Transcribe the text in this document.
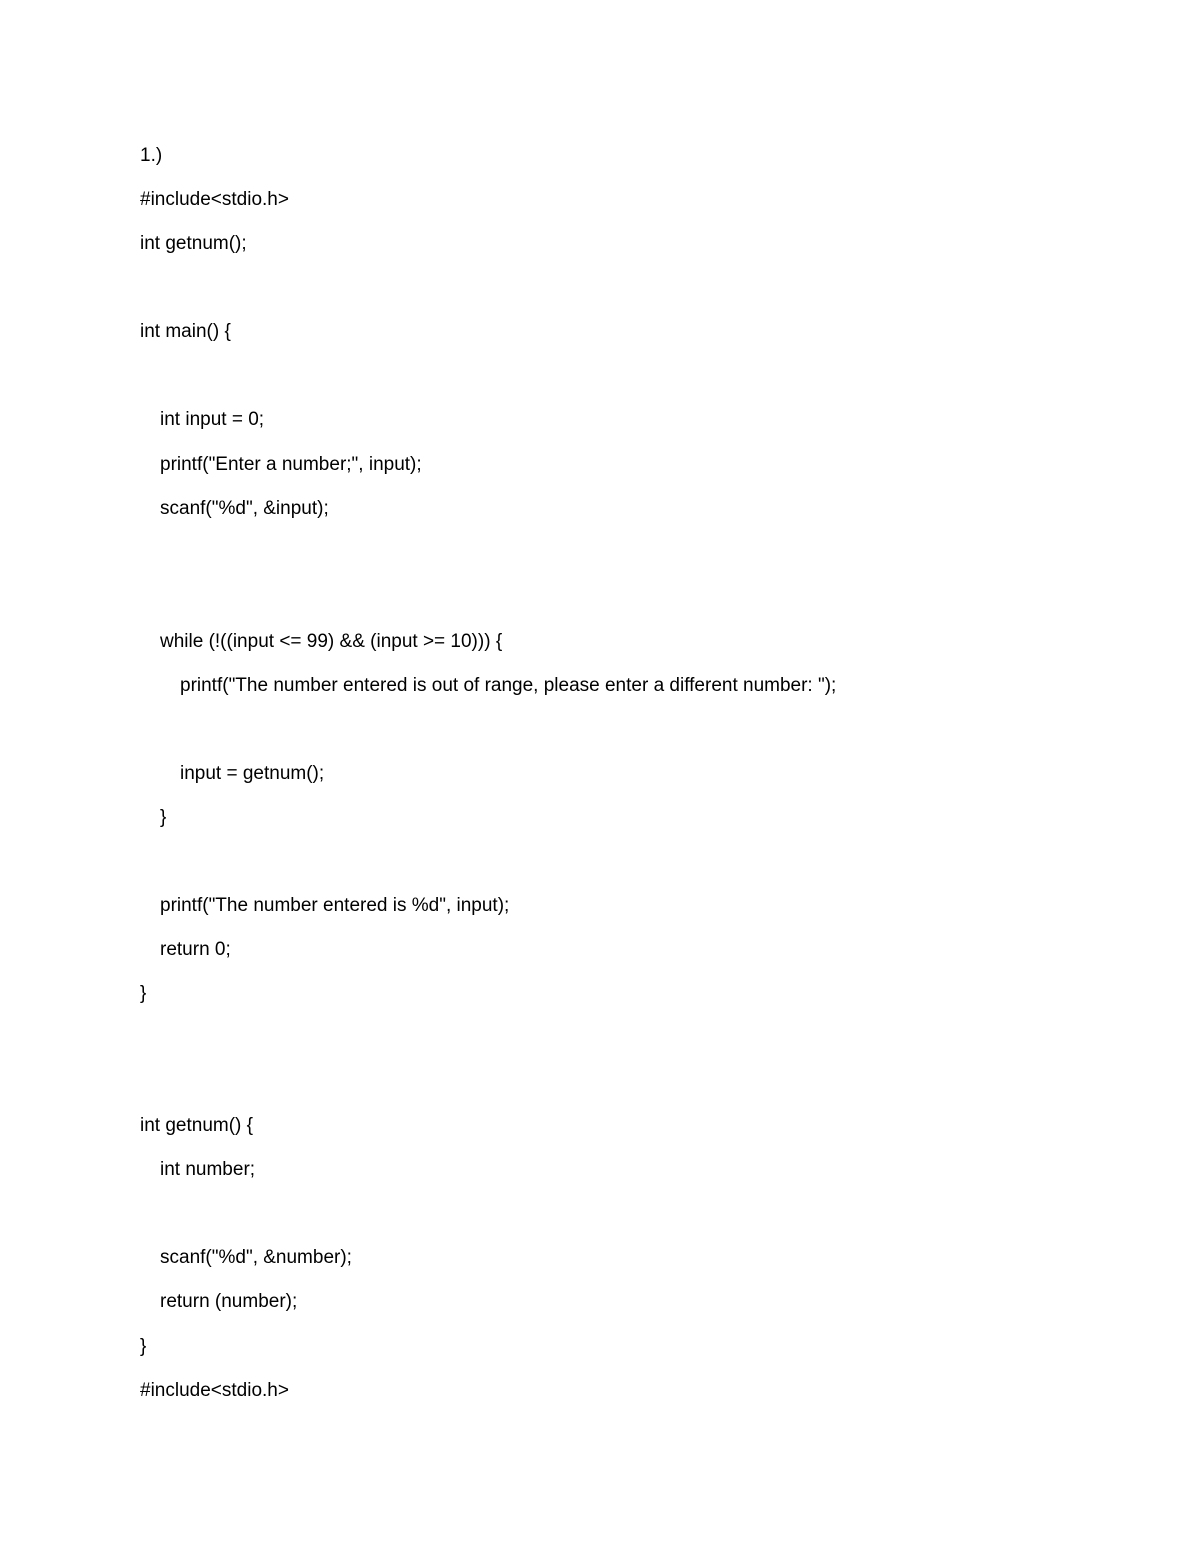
1.)
#include<stdio.h>
int getnum();
int main() {
int input = 0;
printf("Enter a number;", input);
scanf("%d", &input);
while (!((input <= 99) && (input >= 10))) {
printf("The number entered is out of range, please enter a different number: ");
input = getnum();
}
printf("The number entered is %d", input);
return 0;
}
int getnum() {
int number;
scanf("%d", &number);
return (number);
}
#include<stdio.h>
